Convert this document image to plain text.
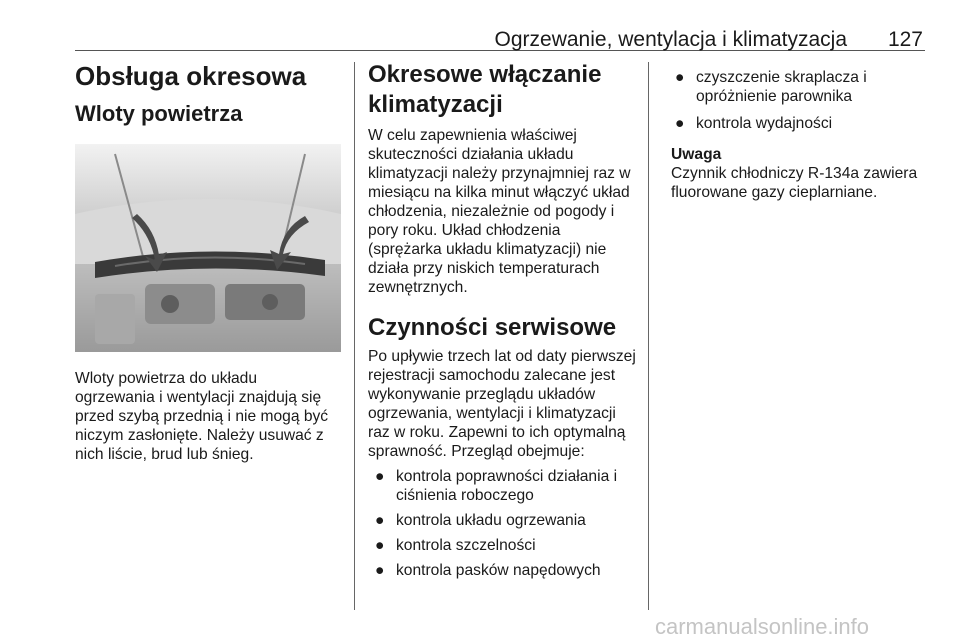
Ogrzewanie, wentylacja i klimatyzacja 127
Obsługa okresowa
Wloty powietrza

Wloty powietrza do układu ogrzewania i wentylacji znajdują się przed szybą przednią i nie mogą być niczym zasłonięte. Należy usuwać z nich liście, brud lub śnieg.

Okresowe włączanie klimatyzacji

W celu zapewnienia właściwej skuteczności działania układu klimatyzacji należy przynajmniej raz w miesiącu na kilka minut włączyć układ chłodzenia, niezależnie od pogody i pory roku. Układ chłodzenia (sprężarka układu klimatyzacji) nie działa przy niskich temperaturach zewnętrznych.

Czynności serwisowe

Po upływie trzech lat od daty pierwszej rejestracji samochodu zalecane jest wykonywanie przeglądu układów ogrzewania, wentylacji i klimatyzacji raz w roku. Zapewni to ich optymalną sprawność. Przegląd obejmuje:

● kontrola poprawności działania i ciśnienia roboczego
● kontrola układu ogrzewania
● kontrola szczelności
● kontrola pasków napędowych
● czyszczenie skraplacza i opróżnienie parownika
● kontrola wydajności
Uwaga
Czynnik chłodniczy R-134a zawiera fluorowane gazy cieplarniane.
carmanualsonline.info
